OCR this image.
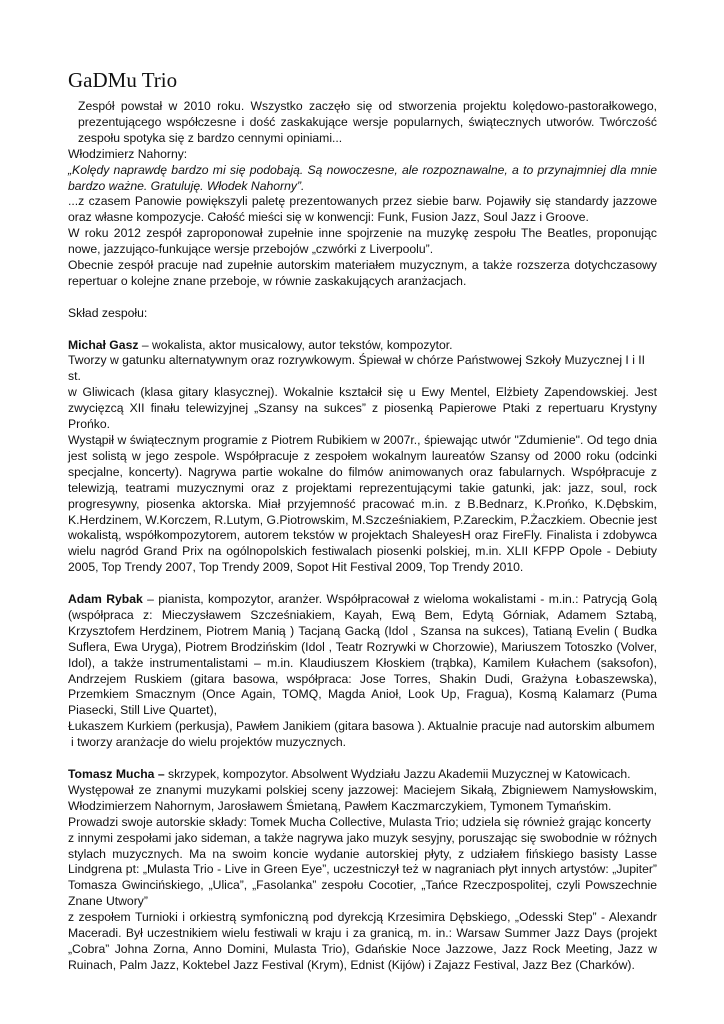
GaDMu Trio

Zespół powstał w 2010 roku. Wszystko zaczęło się od stworzenia projektu kolędowo-pastorałkowego, prezentującego współczesne i dość zaskakujące wersje popularnych, świątecznych utworów. Twórczość zespołu spotyka się z bardzo cennymi opiniami...

Włodzimierz Nahorny:

„Kolędy naprawdę bardzo mi się podobają. Są nowoczesne, ale rozpoznawalne, a to przynajmniej dla mnie bardzo ważne. Gratuluję. Włodek Nahorny”.

...z czasem Panowie powiększyli paletę prezentowanych przez siebie barw. Pojawiły się standardy jazzowe oraz własne kompozycje. Całość mieści się w konwencji: Funk, Fusion Jazz, Soul Jazz i Groove.

W roku 2012 zespół zaproponował zupełnie inne spojrzenie na muzykę zespołu The Beatles, proponując nowe, jazzująco-funkujące wersje przebojów „czwórki z Liverpoolu”.

Obecnie zespół pracuje nad zupełnie autorskim materiałem muzycznym, a także rozszerza dotychczasowy repertuar o kolejne znane przeboje, w równie zaskakujących aranżacjach.

Skład zespołu:

Michał Gasz – wokalista, aktor musicalowy, autor tekstów, kompozytor.

Tworzy w gatunku alternatywnym oraz rozrywkowym. Śpiewał w chórze Państwowej Szkoły Muzycznej I i II st.

w Gliwicach (klasa gitary klasycznej). Wokalnie kształcił się u Ewy Mentel, Elżbiety Zapendowskiej. Jest zwycięzcą XII finału telewizyjnej „Szansy na sukces” z piosenką Papierowe Ptaki z repertuaru Krystyny Prońko.

Wystąpił w świątecznym programie z Piotrem Rubikiem w 2007r., śpiewając utwór "Zdumienie". Od tego dnia jest solistą w jego zespole. Współpracuje z zespołem wokalnym laureatów Szansy od 2000 roku (odcinki specjalne, koncerty). Nagrywa partie wokalne do filmów animowanych oraz fabularnych. Współpracuje z telewizją, teatrami muzycznymi oraz z projektami reprezentującymi takie gatunki, jak: jazz, soul, rock progresywny, piosenka aktorska. Miał przyjemność pracować m.in. z B.Bednarz, K.Prońko, K.Dębskim, K.Herdzinem, W.Korczem, R.Lutym, G.Piotrowskim, M.Szcześniakiem, P.Zareckim, P.Żaczkiem. Obecnie jest wokalistą, współkompozytorem, autorem tekstów w projektach ShaleyesH oraz FireFly. Finalista i zdobywca wielu nagród Grand Prix na ogólnopolskich festiwalach piosenki polskiej, m.in. XLII KFPP Opole - Debiuty 2005, Top Trendy 2007, Top Trendy 2009, Sopot Hit Festival 2009, Top Trendy 2010.

Adam Rybak – pianista, kompozytor, aranżer. Współpracował z wieloma wokalistami - m.in.: Patrycją Golą (współpraca z: Mieczysławem Szcześniakiem, Kayah, Ewą Bem, Edytą Górniak, Adamem Sztabą, Krzysztofem Herdzinem, Piotrem Manią ) Tacjaną Gacką (Idol , Szansa na sukces), Tatianą Evelin ( Budka Suflera, Ewa Uryga), Piotrem Brodzińskim (Idol , Teatr Rozrywki w Chorzowie), Mariuszem Totoszko (Volver, Idol), a także instrumentalistami – m.in. Klaudiuszem Kłoskiem (trąbka), Kamilem Kułachem (saksofon), Andrzejem Ruskiem (gitara basowa, współpraca: Jose Torres, Shakin Dudi, Grażyna Łobaszewska), Przemkiem Smacznym (Once Again, TOMQ, Magda Anioł, Look Up, Fragua), Kosmą Kalamarz (Puma Piasecki, Still Live Quartet),

Łukaszem Kurkiem (perkusja), Pawłem Janikiem (gitara basowa ). Aktualnie pracuje nad autorskim albumem

i tworzy aranżacje do wielu projektów muzycznych.

Tomasz Mucha – skrzypek, kompozytor. Absolwent Wydziału Jazzu Akademii Muzycznej w Katowicach.

Występował ze znanymi muzykami polskiej sceny jazzowej: Maciejem Sikałą, Zbigniewem Namysłowskim, Włodzimierzem Nahornym, Jarosławem Śmietaną, Pawłem Kaczmarczykiem, Tymonem Tymańskim.

Prowadzi swoje autorskie składy: Tomek Mucha Collective, Mulasta Trio; udziela się również grając koncerty

z innymi zespołami jako sideman, a także nagrywa jako muzyk sesyjny, poruszając się swobodnie w różnych stylach muzycznych. Ma na swoim koncie wydanie autorskiej płyty, z udziałem fińskiego basisty Lasse Lindgrena pt: „Mulasta Trio - Live in Green Eye”, uczestniczył też w nagraniach płyt innych artystów: „Jupiter” Tomasza Gwincińskiego, „Ulica”, „Fasolanka” zespołu Cocotier, „Tańce Rzeczpospolitej, czyli Powszechnie Znane Utwory”

z zespołem Turnioki i orkiestrą symfoniczną pod dyrekcją Krzesimira Dębskiego, „Odesski Step” - Alexandr Maceradi. Był uczestnikiem wielu festiwali w kraju i za granicą, m. in.: Warsaw Summer Jazz Days (projekt „Cobra” Johna Zorna, Anno Domini, Mulasta Trio), Gdańskie Noce Jazzowe, Jazz Rock Meeting, Jazz w Ruinach, Palm Jazz, Koktebel Jazz Festival (Krym), Ednist (Kijów) i Zajazz Festival, Jazz Bez (Charków).
